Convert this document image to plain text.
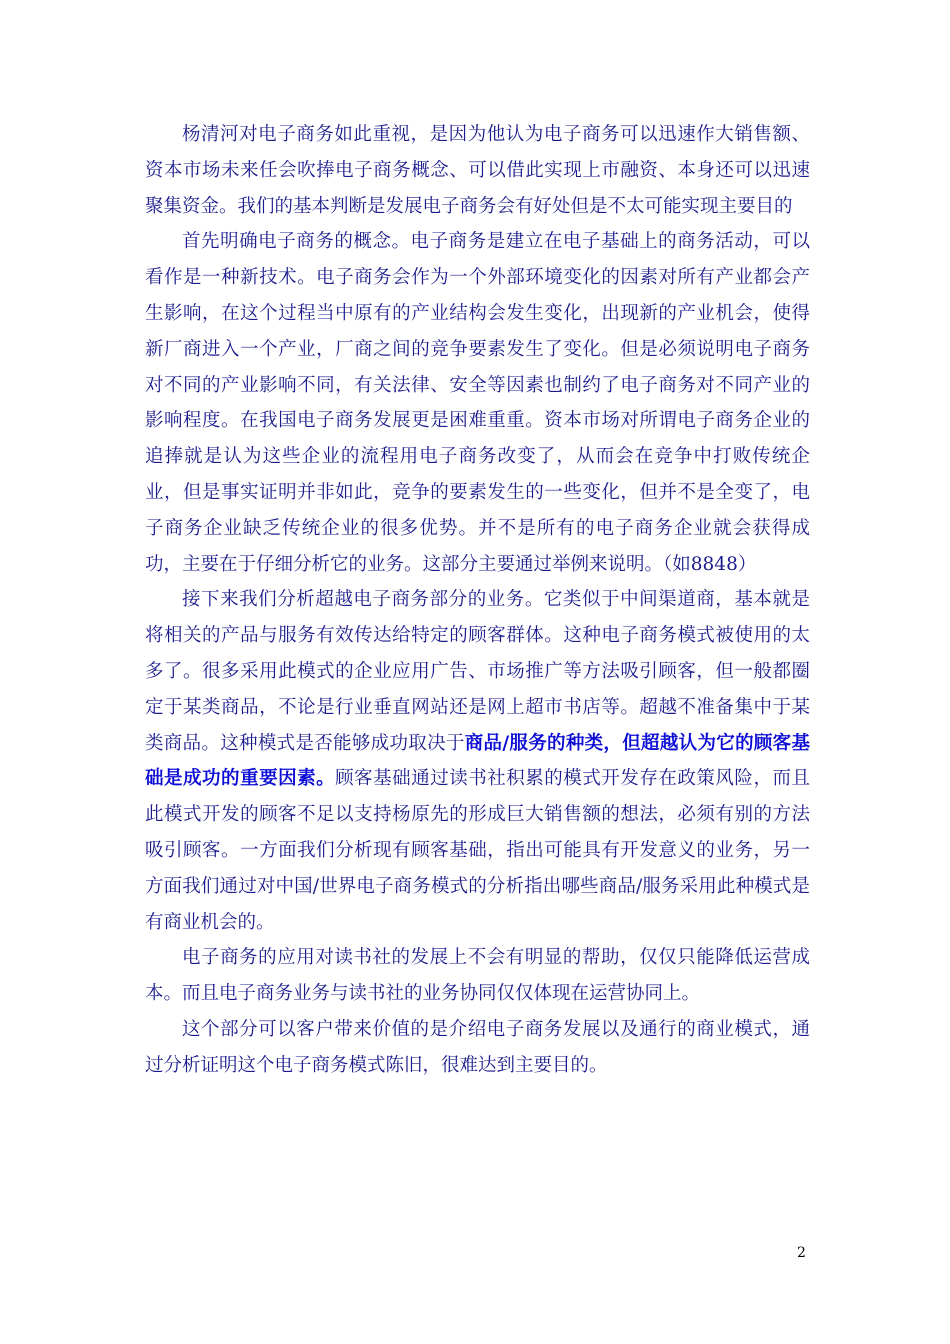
杨清河对电子商务如此重视，是因为他认为电子商务可以迅速作大销售额、资本市场未来任会吹捧电子商务概念、可以借此实现上市融资、本身还可以迅速聚集资金。我们的基本判断是发展电子商务会有好处但是不太可能实现主要目的

首先明确电子商务的概念。电子商务是建立在电子基础上的商务活动，可以看作是一种新技术。电子商务会作为一个外部环境变化的因素对所有产业都会产生影响，在这个过程当中原有的产业结构会发生变化，出现新的产业机会，使得新厂商进入一个产业，厂商之间的竞争要素发生了变化。但是必须说明电子商务对不同的产业影响不同，有关法律、安全等因素也制约了电子商务对不同产业的影响程度。在我国电子商务发展更是困难重重。资本市场对所谓电子商务企业的追捧就是认为这些企业的流程用电子商务改变了，从而会在竞争中打败传统企业，但是事实证明并非如此，竞争的要素发生的一些变化，但并不是全变了，电子商务企业缺乏传统企业的很多优势。并不是所有的电子商务企业就会获得成功，主要在于仔细分析它的业务。这部分主要通过举例来说明。（如8848）

接下来我们分析超越电子商务部分的业务。它类似于中间渠道商，基本就是将相关的产品与服务有效传达给特定的顾客群体。这种电子商务模式被使用的太多了。很多采用此模式的企业应用广告、市场推广等方法吸引顾客，但一般都圈定于某类商品，不论是行业垂直网站还是网上超市书店等。超越不准备集中于某类商品。这种模式是否能够成功取决于商品/服务的种类，但超越认为它的顾客基础是成功的重要因素。顾客基础通过读书社积累的模式开发存在政策风险，而且此模式开发的顾客不足以支持杨原先的形成巨大销售额的想法，必须有别的方法吸引顾客。一方面我们分析现有顾客基础，指出可能具有开发意义的业务，另一方面我们通过对中国/世界电子商务模式的分析指出哪些商品/服务采用此种模式是有商业机会的。

电子商务的应用对读书社的发展上不会有明显的帮助，仅仅只能降低运营成本。而且电子商务业务与读书社的业务协同仅仅体现在运营协同上。

这个部分可以客户带来价值的是介绍电子商务发展以及通行的商业模式，通过分析证明这个电子商务模式陈旧，很难达到主要目的。

2
